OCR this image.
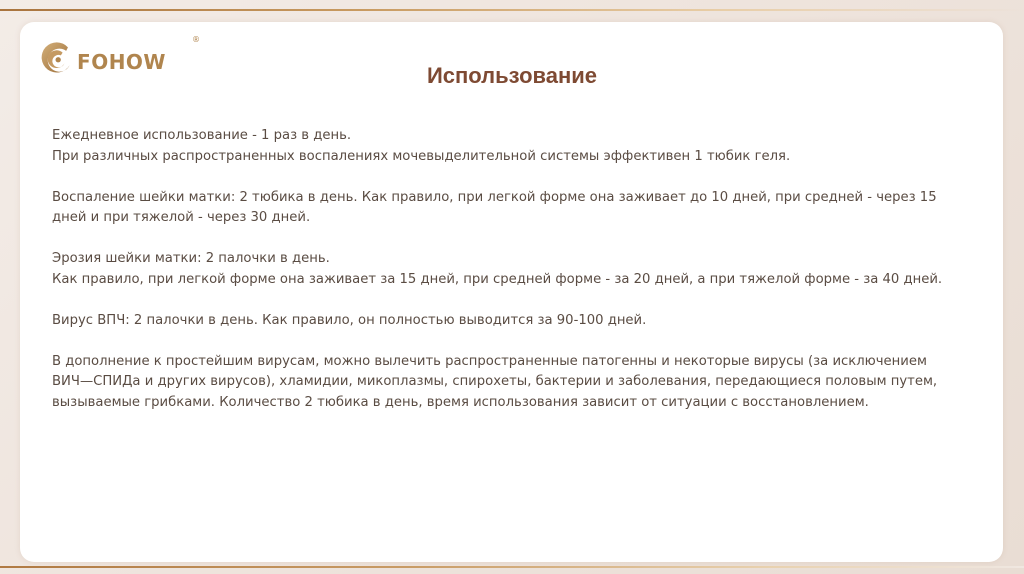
FOHOW
®
Использование

Ежедневное использование - 1 раз в день.
При различных распространенных воспалениях мочевыделительной системы эффективен 1 тюбик геля.

Воспаление шейки матки: 2 тюбика в день. Как правило, при легкой форме она заживает до 10 дней, при средней - через 15 дней и при тяжелой - через 30 дней.

Эрозия шейки матки: 2 палочки в день.
Как правило, при легкой форме она заживает за 15 дней, при средней форме - за 20 дней, а при тяжелой форме - за 40 дней.

Вирус ВПЧ: 2 палочки в день. Как правило, он полностью выводится за 90-100 дней.

В дополнение к простейшим вирусам, можно вылечить распространенные патогенны и некоторые вирусы (за исключением ВИЧ—СПИДа и других вирусов), хламидии, микоплазмы, спирохеты, бактерии и заболевания, передающиеся половым путем, вызываемые грибками. Количество 2 тюбика в день, время использования зависит от ситуации с восстановлением.
